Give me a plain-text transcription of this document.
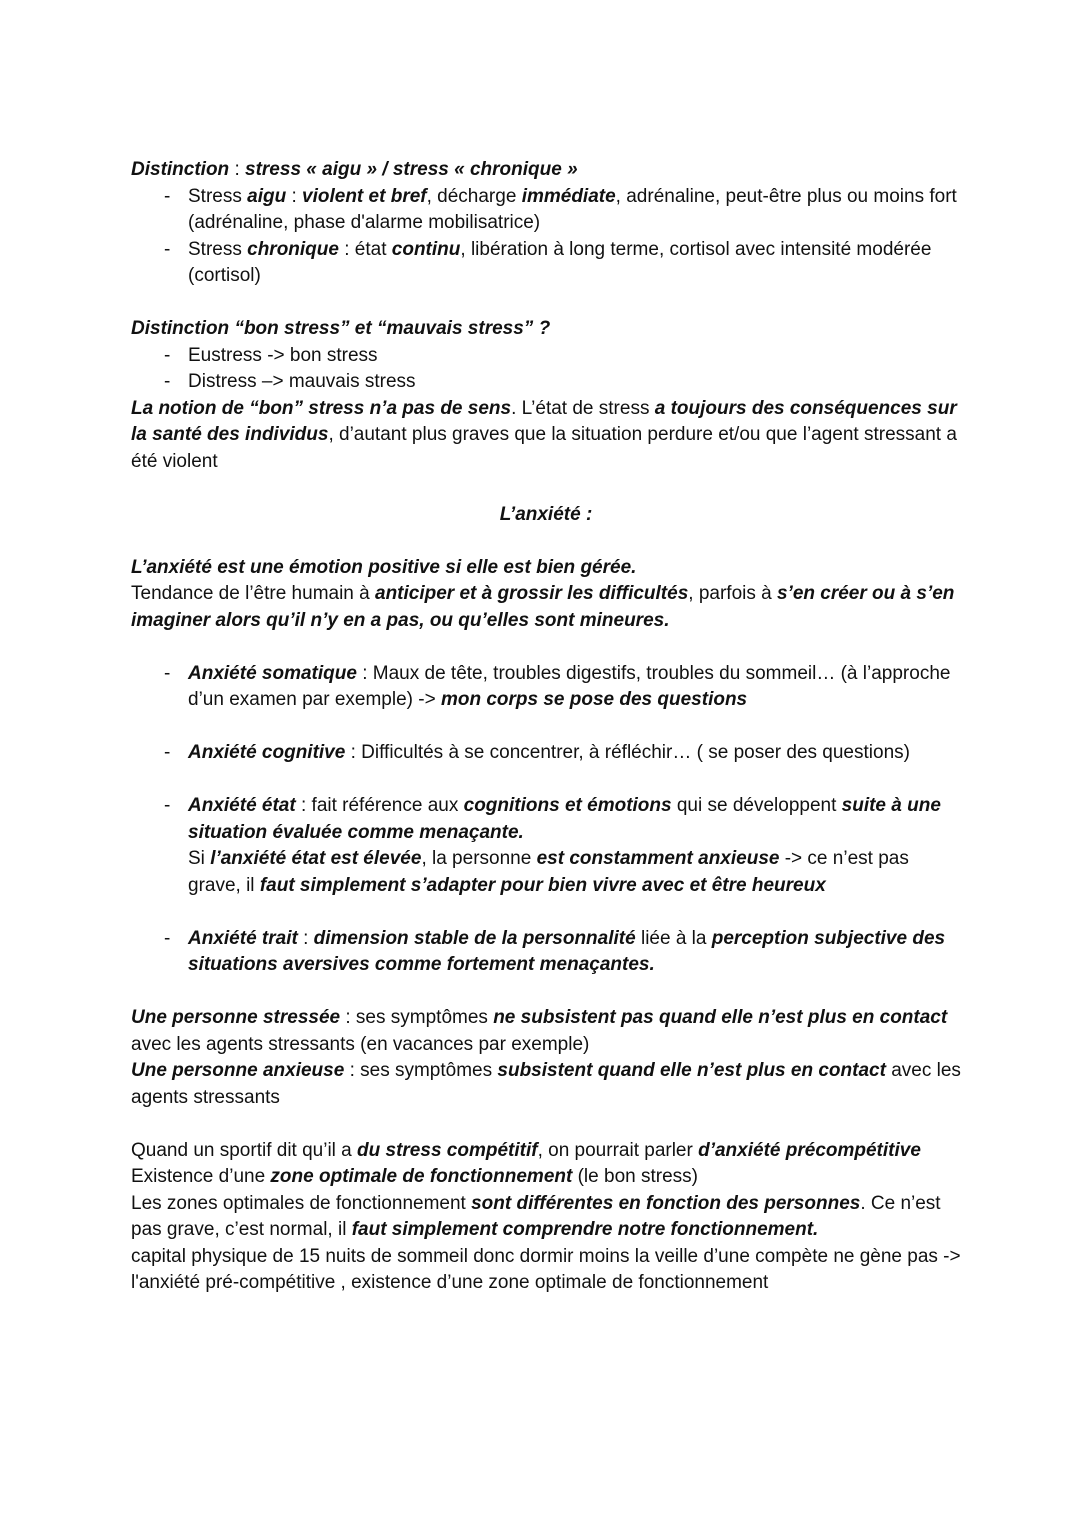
Distinction : stress « aigu » / stress « chronique »

- Stress aigu : violent et bref, décharge immédiate, adrénaline, peut-être plus ou moins fort (adrénaline, phase d'alarme mobilisatrice)
- Stress chronique : état continu, libération à long terme, cortisol avec intensité modérée (cortisol)

Distinction “bon stress” et “mauvais stress” ?

- Eustress -> bon stress
- Distress –> mauvais stress

La notion de “bon” stress n’a pas de sens. L’état de stress a toujours des conséquences sur la santé des individus, d’autant plus graves que la situation perdure et/ou que l’agent stressant a été violent

L’anxiété :

L’anxiété est une émotion positive si elle est bien gérée.

Tendance de l’être humain à anticiper et à grossir les difficultés, parfois à s’en créer ou à s’en imaginer alors qu’il n’y en a pas, ou qu’elles sont mineures.

- Anxiété somatique : Maux de tête, troubles digestifs, troubles du sommeil… (à l’approche d’un examen par exemple) -> mon corps se pose des questions
- Anxiété cognitive : Difficultés à se concentrer, à réfléchir… ( se poser des questions)
- Anxiété état : fait référence aux cognitions et émotions qui se développent suite à une situation évaluée comme menaçante.
Si l’anxiété état est élevée, la personne est constamment anxieuse -> ce n’est pas grave, il faut simplement s’adapter pour bien vivre avec et être heureux
- Anxiété trait : dimension stable de la personnalité liée à la perception subjective des situations aversives comme fortement menaçantes.

Une personne stressée : ses symptômes ne subsistent pas quand elle n’est plus en contact avec les agents stressants (en vacances par exemple)

Une personne anxieuse : ses symptômes subsistent quand elle n’est plus en contact avec les agents stressants

Quand un sportif dit qu’il a du stress compétitif, on pourrait parler d’anxiété précompétitive

Existence d’une zone optimale de fonctionnement (le bon stress)

Les zones optimales de fonctionnement sont différentes en fonction des personnes. Ce n’est pas grave, c’est normal, il faut simplement comprendre notre fonctionnement.

capital physique de 15 nuits de sommeil donc dormir moins la veille d’une compète ne gène pas -> l'anxiété pré-compétitive , existence d’une zone optimale de fonctionnement
